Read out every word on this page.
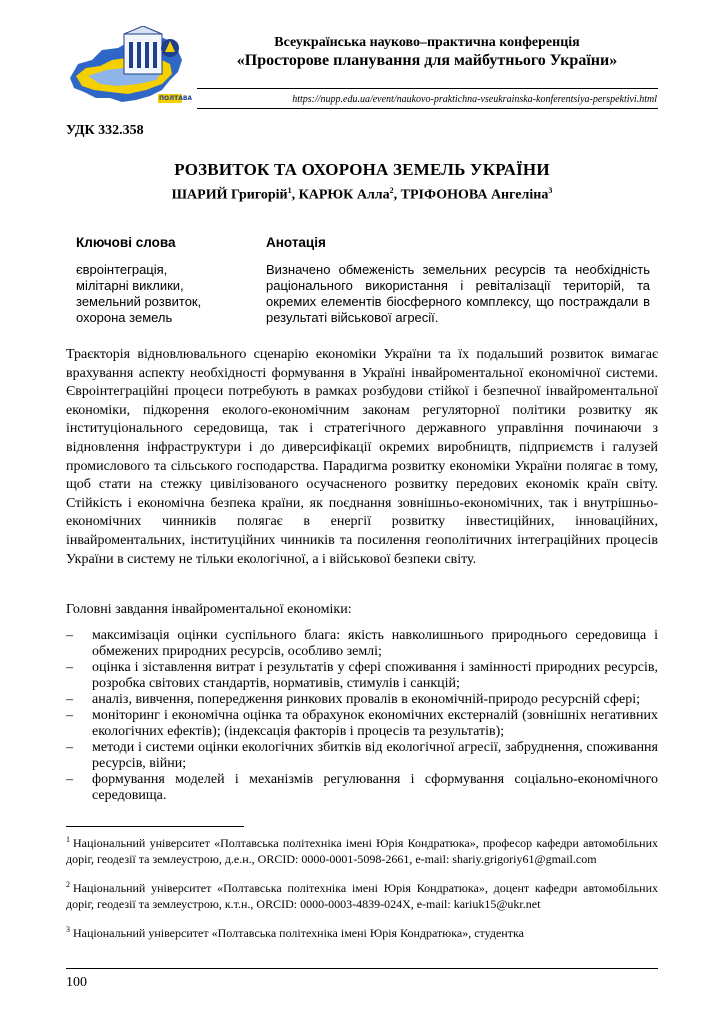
ПОЛТАВА
Всеукраїнська науково–практична конференція
«Просторове планування для майбутнього України»
https://nupp.edu.ua/event/naukovo-praktichna-vseukrainska-konferentsiya-perspektivi.html
УДК 332.358
РОЗВИТОК ТА ОХОРОНА ЗЕМЕЛЬ УКРАЇНИ
ШАРИЙ Григорій$^1$, КАРЮК Алла$^2$, ТРІФОНОВА Ангеліна$^3$
Ключові слова	Анотація
євроінтеграція,
мілітарні виклики,
земельний розвиток,
охорона земель
Визначено обмеженість земельних ресурсів та необхідність раціонального використання і ревіталізації територій, та окремих елементів біосферного комплексу, що постраждали в результаті військової агресії.
Траєкторія відновлювального сценарію економіки України та їх подальший розвиток вимагає врахування аспекту необхідності формування в Україні інвайроментальної економічної системи. Євроінтеграційні процеси потребують в рамках розбудови стійкої і безпечної інвайроментальної економіки, підкорення еколого-економічним законам регуляторної політики розвитку як інституціонального середовища, так і стратегічного державного управління починаючи з відновлення інфраструктури і до диверсифікації окремих виробництв, підприємств і галузей промислового та сільського господарства. Парадигма розвитку економіки України полягає в тому, щоб стати на стежку цивілізованого осучасненого розвитку передових економік країн світу. Стійкість і економічна безпека країни, як поєднання зовнішньо-економічних, так і внутрішньо-економічних чинників полягає в енергії розвитку інвестиційних, інноваційних, інвайроментальних, інституційних чинників та посилення геополітичних інтеграційних процесів України в систему не тільки екологічної, а і військової безпеки світу.
Головні завдання інвайроментальної економіки:
– максимізація оцінки суспільного блага: якість навколишнього природнього середовища і обмежених природних ресурсів, особливо землі;
– оцінка і зіставлення витрат і результатів у сфері споживання і замінності природних ресурсів, розробка світових стандартів, нормативів, стимулів і санкцій;
– аналіз, вивчення, попередження ринкових провалів в економічній-природо ресурсній сфері;
– моніторинг і економічна оцінка та обрахунок економічних екстерналій (зовнішніх негативних екологічних ефектів); (індексація факторів і процесів та результатів);
– методи і системи оцінки екологічних збитків від екологічної агресії, забруднення, споживання ресурсів, війни;
– формування моделей і механізмів регулювання і сформування соціально-економічного середовища.
$^1$ Національний університет «Полтавська політехніка імені Юрія Кондратюка», професор кафедри автомобільних доріг, геодезії та землеустрою, д.е.н., ORCID: 0000-0001-5098-2661, e-mail: shariy.grigoriy61@gmail.com
$^2$ Національний університет «Полтавська політехніка імені Юрія Кондратюка», доцент кафедри автомобільних доріг, геодезії та землеустрою, к.т.н., ORCID: 0000-0003-4839-024X, e-mail: kariuk15@ukr.net
$^3$ Національний університет «Полтавська політехніка імені Юрія Кондратюка», студентка
100
